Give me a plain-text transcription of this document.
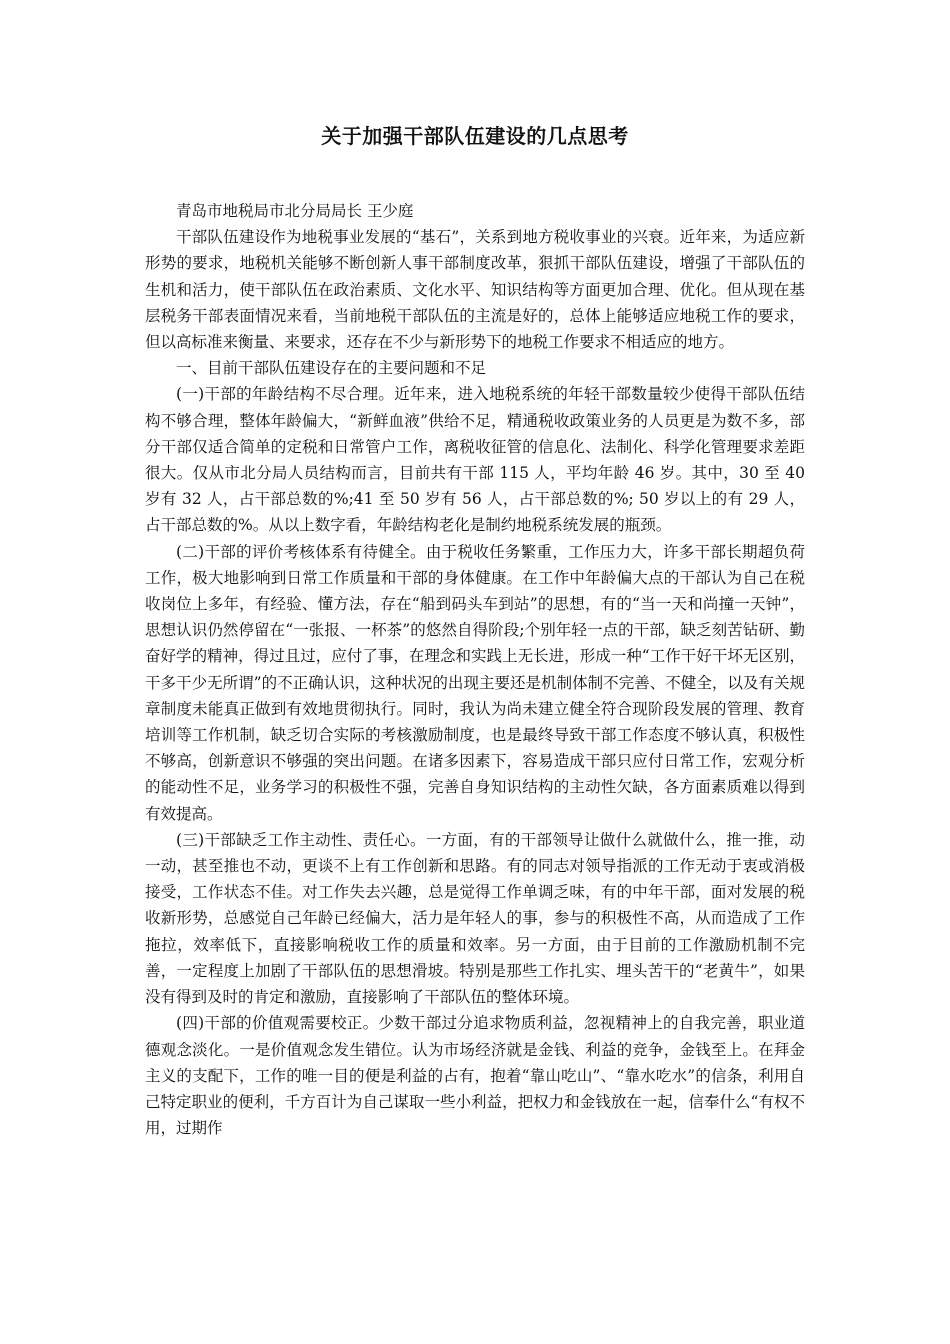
关于加强干部队伍建设的几点思考

青岛市地税局市北分局局长 王少庭

干部队伍建设作为地税事业发展的“基石”，关系到地方税收事业的兴衰。近年来，为适应新形势的要求，地税机关能够不断创新人事干部制度改革，狠抓干部队伍建设，增强了干部队伍的生机和活力，使干部队伍在政治素质、文化水平、知识结构等方面更加合理、优化。但从现在基层税务干部表面情况来看，当前地税干部队伍的主流是好的，总体上能够适应地税工作的要求，但以高标准来衡量、来要求，还存在不少与新形势下的地税工作要求不相适应的地方。

一、目前干部队伍建设存在的主要问题和不足

(一)干部的年龄结构不尽合理。近年来，进入地税系统的年轻干部数量较少使得干部队伍结构不够合理，整体年龄偏大，“新鲜血液”供给不足，精通税收政策业务的人员更是为数不多，部分干部仅适合简单的定税和日常管户工作，离税收征管的信息化、法制化、科学化管理要求差距很大。仅从市北分局人员结构而言，目前共有干部 115 人，平均年龄 46 岁。其中，30 至 40 岁有 32 人，占干部总数的%;41 至 50 岁有 56 人，占干部总数的%; 50 岁以上的有 29 人，占干部总数的%。从以上数字看，年龄结构老化是制约地税系统发展的瓶颈。

(二)干部的评价考核体系有待健全。由于税收任务繁重，工作压力大，许多干部长期超负荷工作，极大地影响到日常工作质量和干部的身体健康。在工作中年龄偏大点的干部认为自己在税收岗位上多年，有经验、懂方法，存在“船到码头车到站”的思想，有的“当一天和尚撞一天钟”，思想认识仍然停留在“一张报、一杯茶”的悠然自得阶段;个别年轻一点的干部，缺乏刻苦钻研、勤奋好学的精神，得过且过，应付了事，在理念和实践上无长进，形成一种“工作干好干坏无区别，干多干少无所谓”的不正确认识，这种状况的出现主要还是机制体制不完善、不健全，以及有关规章制度未能真正做到有效地贯彻执行。同时，我认为尚未建立健全符合现阶段发展的管理、教育培训等工作机制，缺乏切合实际的考核激励制度，也是最终导致干部工作态度不够认真，积极性不够高，创新意识不够强的突出问题。在诸多因素下，容易造成干部只应付日常工作，宏观分析的能动性不足，业务学习的积极性不强，完善自身知识结构的主动性欠缺，各方面素质难以得到有效提高。

(三)干部缺乏工作主动性、责任心。一方面，有的干部领导让做什么就做什么，推一推，动一动，甚至推也不动，更谈不上有工作创新和思路。有的同志对领导指派的工作无动于衷或消极接受，工作状态不佳。对工作失去兴趣，总是觉得工作单调乏味，有的中年干部，面对发展的税收新形势，总感觉自己年龄已经偏大，活力是年轻人的事，参与的积极性不高，从而造成了工作拖拉，效率低下，直接影响税收工作的质量和效率。另一方面，由于目前的工作激励机制不完善，一定程度上加剧了干部队伍的思想滑坡。特别是那些工作扎实、埋头苦干的“老黄牛”，如果没有得到及时的肯定和激励，直接影响了干部队伍的整体环境。

(四)干部的价值观需要校正。少数干部过分追求物质利益，忽视精神上的自我完善，职业道德观念淡化。一是价值观念发生错位。认为市场经济就是金钱、利益的竞争，金钱至上。在拜金主义的支配下，工作的唯一目的便是利益的占有，抱着“靠山吃山”、“靠水吃水”的信条，利用自己特定职业的便利，千方百计为自己谋取一些小利益，把权力和金钱放在一起，信奉什么“有权不用，过期作
